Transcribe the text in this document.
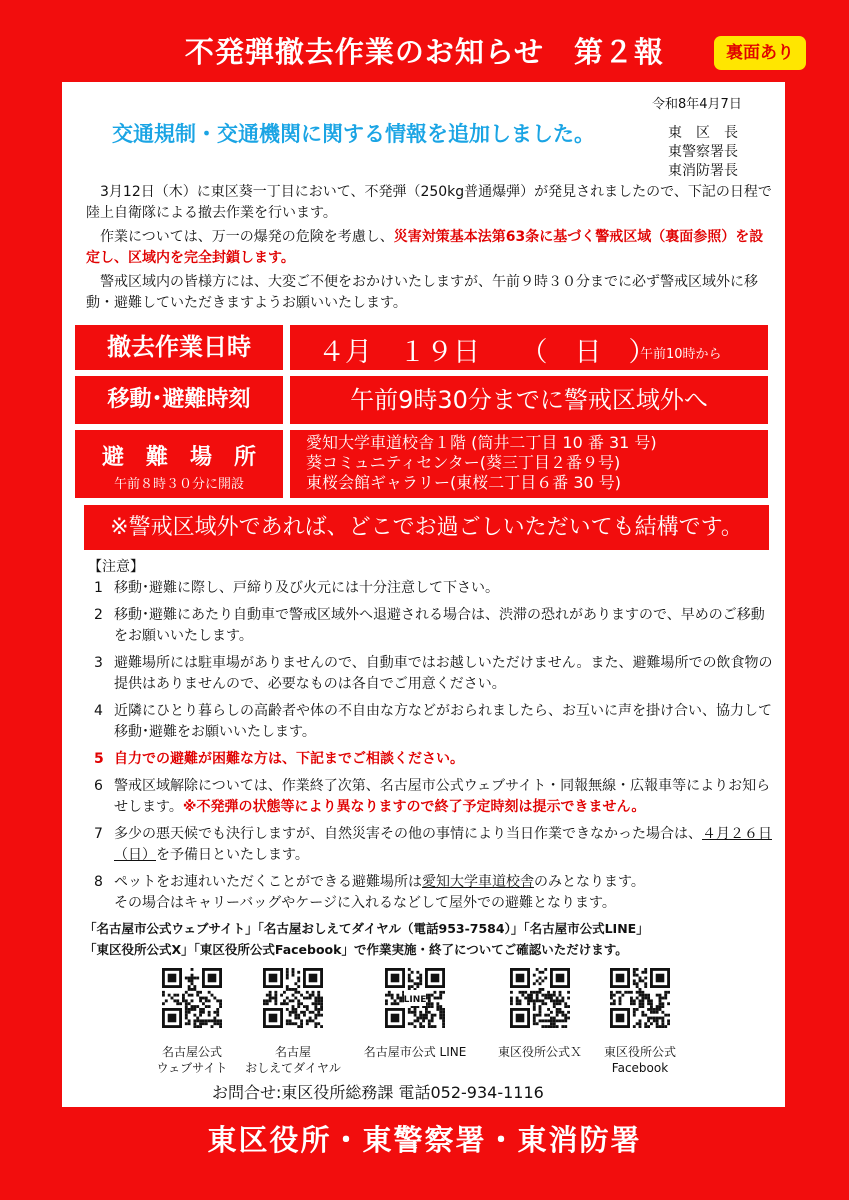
不発弾撤去作業のお知らせ　第２報	裏面あり
令和8年4月7日
交通規制・交通機関に関する情報を追加しました。	東　区　長
東警察署長
東消防署長
3月12日（木）に東区葵一丁目において、不発弾（250kg普通爆弾）が発見されましたので、下記の日程で陸上自衛隊による撤去作業を行います。
作業については、万一の爆発の危険を考慮し、災害対策基本法第63条に基づく警戒区域（裏面参照）を設定し、区域内を完全封鎖します。
警戒区域内の皆様方には、大変ご不便をおかけいたしますが、午前９時３０分までに必ず警戒区域外に移動・避難していただきますようお願いいたします。
撤去作業日時	４月　１９日　　（　日　）
午前10時から
移動･避難時刻	午前9時30分までに警戒区域外へ
避　難　場　所
午前８時３０分に開設
愛知大学車道校舎１階 (筒井二丁目 10 番 31 号)
葵コミュニティセンター(葵三丁目２番９号)
東桜会館ギャラリー(東桜二丁目６番 30 号)
※警戒区域外であれば、どこでお過ごしいただいても結構です。
【注意】
1 移動･避難に際し、戸締り及び火元には十分注意して下さい。
2 移動･避難にあたり自動車で警戒区域外へ退避される場合は、渋滞の恐れがありますので、早めのご移動をお願いいたします。
3 避難場所には駐車場がありませんので、自動車ではお越しいただけません。また、避難場所での飲食物の提供はありませんので、必要なものは各自でご用意ください。
4 近隣にひとり暮らしの高齢者や体の不自由な方などがおられましたら、お互いに声を掛け合い、協力して移動･避難をお願いいたします。
5 自力での避難が困難な方は、下記までご相談ください。
6 警戒区域解除については、作業終了次第、名古屋市公式ウェブサイト・同報無線・広報車等によりお知らせします。※不発弾の状態等により異なりますので終了予定時刻は提示できません。
7 多少の悪天候でも決行しますが、自然災害その他の事情により当日作業できなかった場合は、４月２６日（日）を予備日といたします。
8 ペットをお連れいただくことができる避難場所は愛知大学車道校舎のみとなります。
その場合はキャリーバッグやケージに入れるなどして屋外での避難となります。
「名古屋市公式ウェブサイト」「名古屋おしえてダイヤル（電話953-7584）」「名古屋市公式LINE」
「東区役所公式X」「東区役所公式Facebook」で作業実施・終了についてご確認いただけます。
LINE
名古屋公式
ウェブサイト
名古屋
おしえてダイヤル
名古屋市公式 LINE	東区役所公式Ｘ	東区役所公式
Facebook
お問合せ:東区役所総務課 電話052-934-1116
東区役所・東警察署・東消防署
